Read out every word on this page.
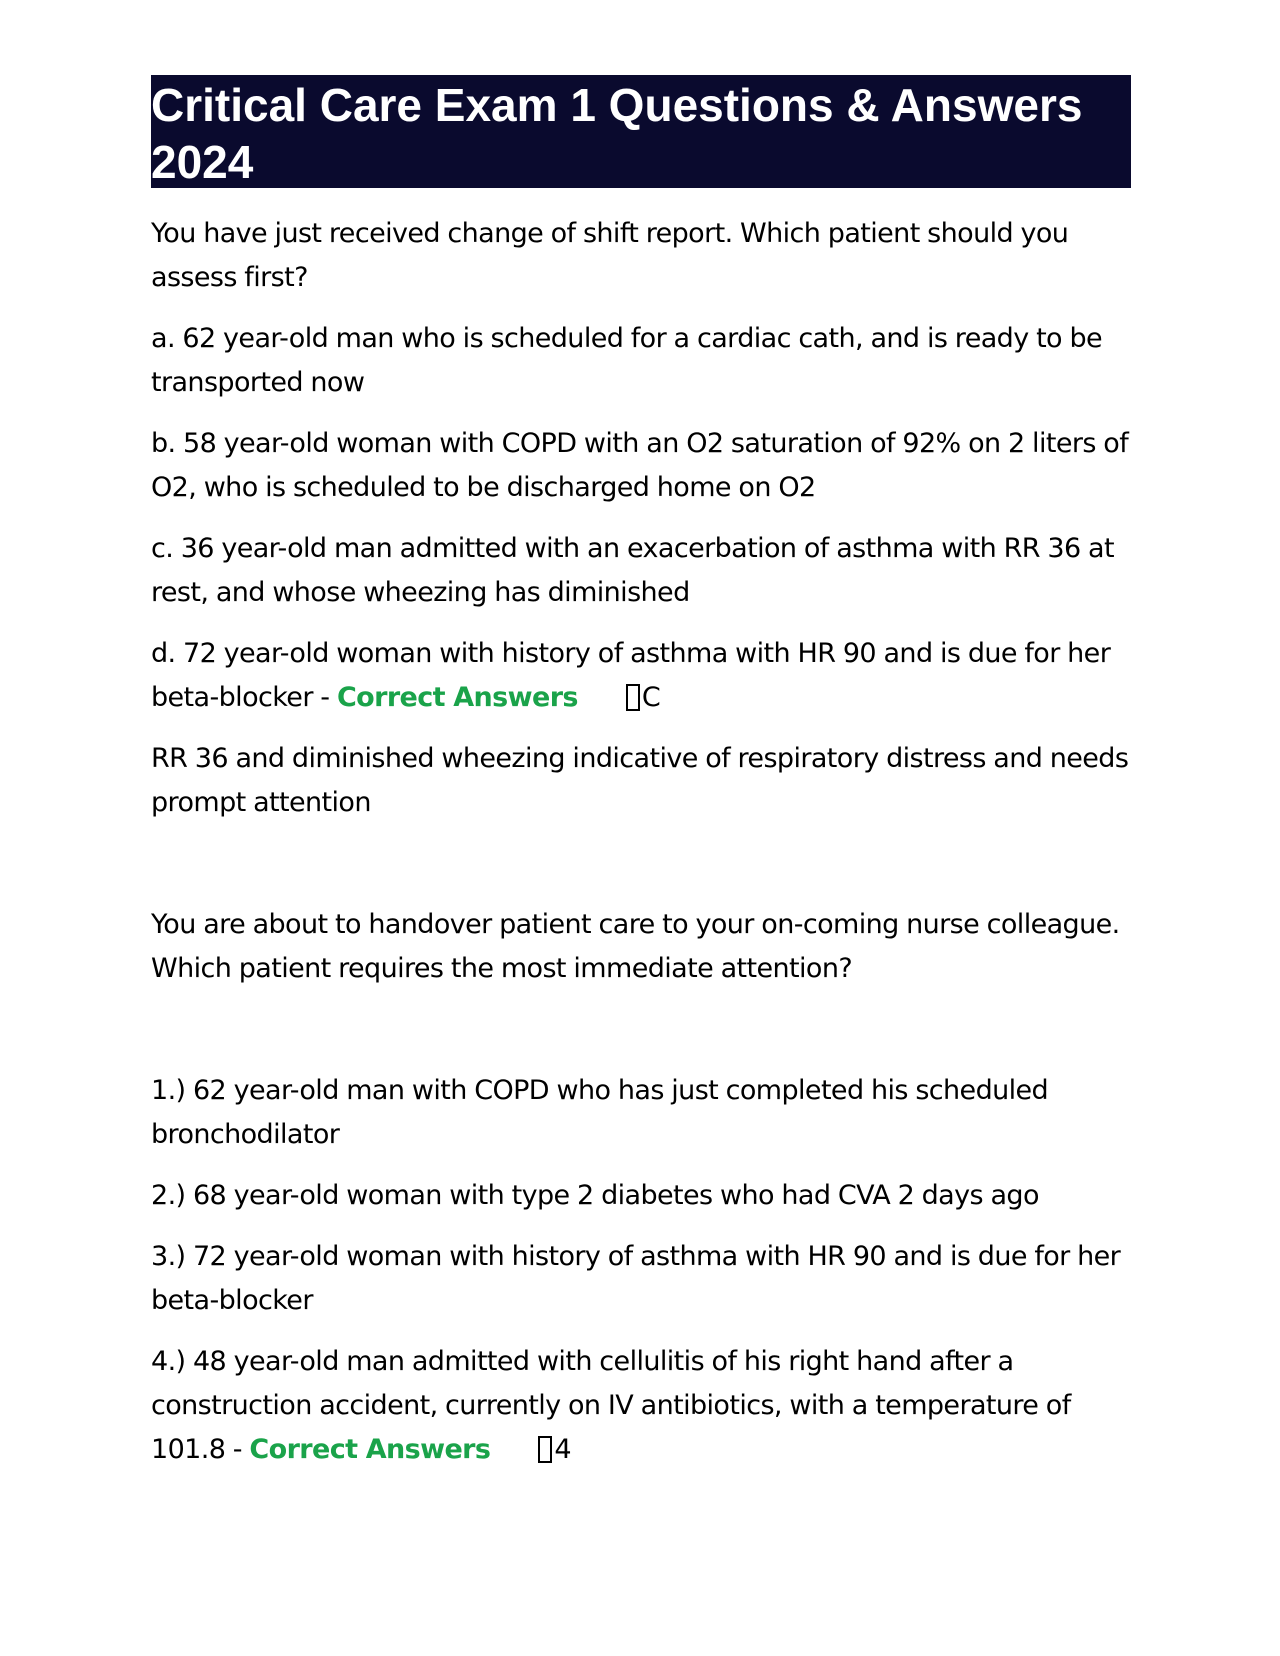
Critical Care Exam 1 Questions & Answers 2024

You have just received change of shift report. Which patient should you assess first?

a. 62 year-old man who is scheduled for a cardiac cath, and is ready to be transported now

b. 58 year-old woman with COPD with an O2 saturation of 92% on 2 liters of O2, who is scheduled to be discharged home on O2

c. 36 year-old man admitted with an exacerbation of asthma with RR 36 at rest, and whose wheezing has diminished

d. 72 year-old woman with history of asthma with HR 90 and is due for her beta-blocker - Correct Answers C

RR 36 and diminished wheezing indicative of respiratory distress and needs prompt attention

You are about to handover patient care to your on-coming nurse colleague. Which patient requires the most immediate attention?

1.) 62 year-old man with COPD who has just completed his scheduled bronchodilator

2.) 68 year-old woman with type 2 diabetes who had CVA 2 days ago

3.) 72 year-old woman with history of asthma with HR 90 and is due for her beta-blocker

4.) 48 year-old man admitted with cellulitis of his right hand after a construction accident, currently on IV antibiotics, with a temperature of 101.8 - Correct Answers 4
